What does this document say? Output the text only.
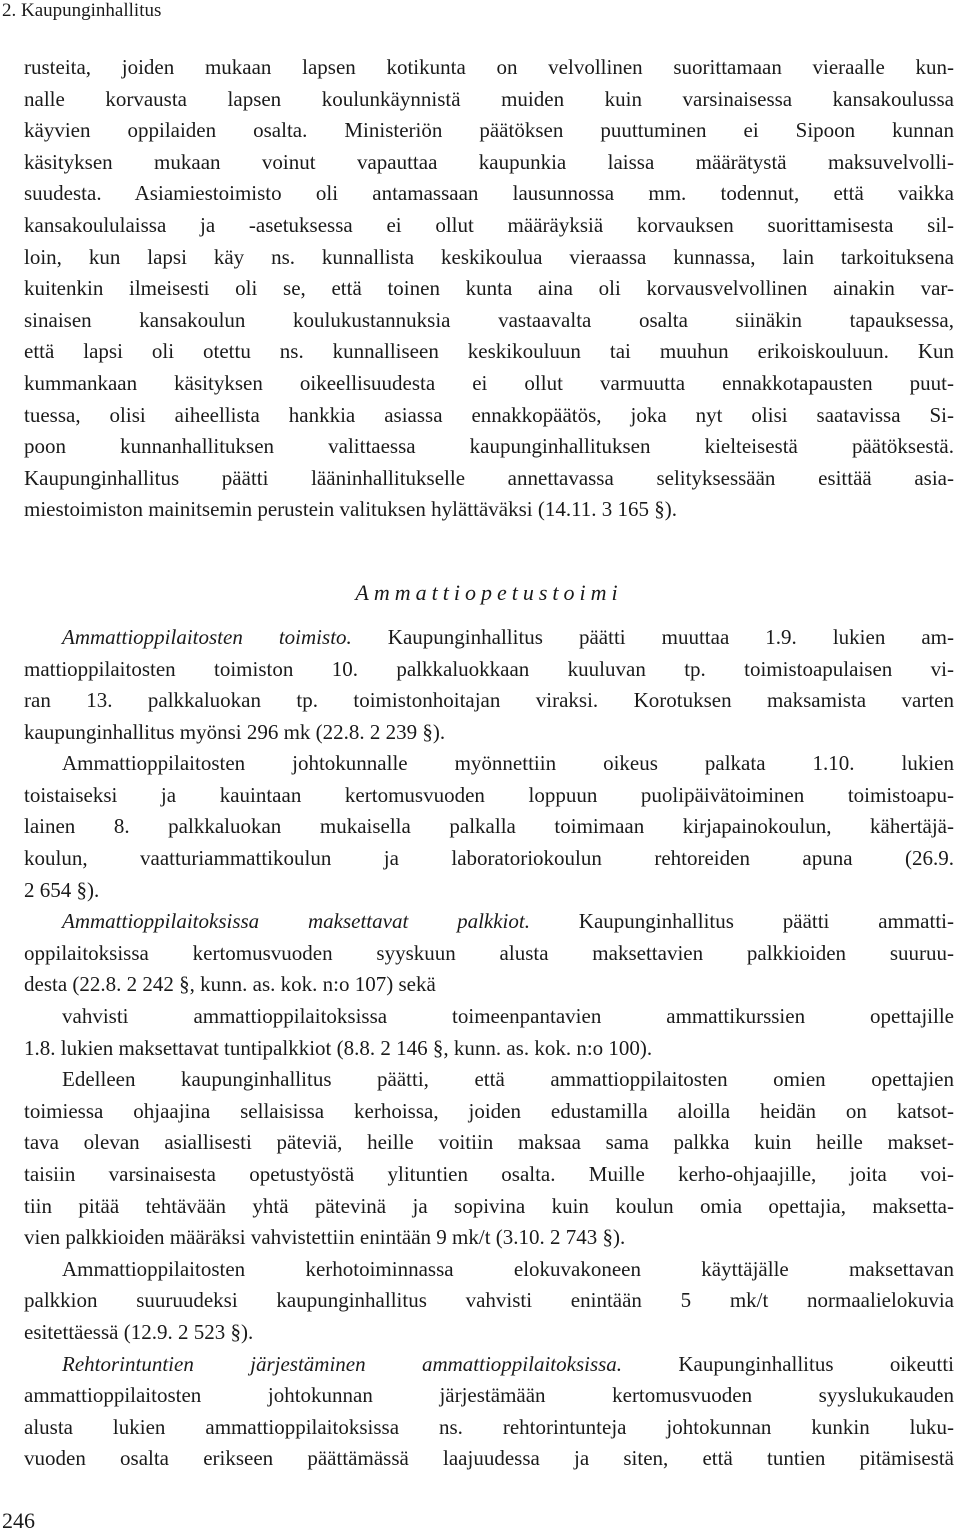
2. Kaupunginhallitus
rusteita, joiden mukaan lapsen kotikunta on velvollinen suorittamaan vieraalle kun-
nalle korvausta lapsen koulunkäynnistä muiden kuin varsinaisessa kansakoulussa
käyvien oppilaiden osalta. Ministeriön päätöksen puuttuminen ei Sipoon kunnan
käsityksen mukaan voinut vapauttaa kaupunkia laissa määrätystä maksuvelvolli-
suudesta. Asiamiestoimisto oli antamassaan lausunnossa mm. todennut, että vaikka
kansakoululaissa ja -asetuksessa ei ollut määräyksiä korvauksen suorittamisesta sil-
loin, kun lapsi käy ns. kunnallista keskikoulua vieraassa kunnassa, lain tarkoituksena
kuitenkin ilmeisesti oli se, että toinen kunta aina oli korvausvelvollinen ainakin var-
sinaisen kansakoulun koulukustannuksia vastaavalta osalta siinäkin tapauksessa,
että lapsi oli otettu ns. kunnalliseen keskikouluun tai muuhun erikoiskouluun. Kun
kummankaan käsityksen oikeellisuudesta ei ollut varmuutta ennakkotapausten puut-
tuessa, olisi aiheellista hankkia asiassa ennakkopäätös, joka nyt olisi saatavissa Si-
poon kunnanhallituksen valittaessa kaupunginhallituksen kielteisestä päätöksestä.
Kaupunginhallitus päätti lääninhallitukselle annettavassa selityksessään esittää asia-
miestoimiston mainitsemin perustein valituksen hylättäväksi (14.11. 3 165 §).
Ammattiopetustoimi
Ammattioppilaitosten toimisto. Kaupunginhallitus päätti muuttaa 1.9. lukien am-
mattioppilaitosten toimiston 10. palkkaluokkaan kuuluvan tp. toimistoapulaisen vi-
ran 13. palkkaluokan tp. toimistonhoitajan viraksi. Korotuksen maksamista varten
kaupunginhallitus myönsi 296 mk (22.8. 2 239 §).
Ammattioppilaitosten johtokunnalle myönnettiin oikeus palkata 1.10. lukien
toistaiseksi ja kauintaan kertomusvuoden loppuun puolipäivätoiminen toimistoapu-
lainen 8. palkkaluokan mukaisella palkalla toimimaan kirjapainokoulun, kähertäjä-
koulun, vaatturiammattikoulun ja laboratoriokoulun rehtoreiden apuna (26.9.
2 654 §).
Ammattioppilaitoksissa maksettavat palkkiot. Kaupunginhallitus päätti ammatti-
oppilaitoksissa kertomusvuoden syyskuun alusta maksettavien palkkioiden suuruu-
desta (22.8. 2 242 §, kunn. as. kok. n:o 107) sekä
vahvisti ammattioppilaitoksissa toimeenpantavien ammattikurssien opettajille
1.8. lukien maksettavat tuntipalkkiot (8.8. 2 146 §, kunn. as. kok. n:o 100).
Edelleen kaupunginhallitus päätti, että ammattioppilaitosten omien opettajien
toimiessa ohjaajina sellaisissa kerhoissa, joiden edustamilla aloilla heidän on katsot-
tava olevan asiallisesti päteviä, heille voitiin maksaa sama palkka kuin heille makset-
taisiin varsinaisesta opetustyöstä ylituntien osalta. Muille kerho-ohjaajille, joita voi-
tiin pitää tehtävään yhtä pätevinä ja sopivina kuin koulun omia opettajia, maksetta-
vien palkkioiden määräksi vahvistettiin enintään 9 mk/t (3.10. 2 743 §).
Ammattioppilaitosten kerhotoiminnassa elokuvakoneen käyttäjälle maksettavan
palkkion suuruudeksi kaupunginhallitus vahvisti enintään 5 mk/t normaalielokuvia
esitettäessä (12.9. 2 523 §).
Rehtorintuntien järjestäminen ammattioppilaitoksissa. Kaupunginhallitus oikeutti
ammattioppilaitosten johtokunnan järjestämään kertomusvuoden syyslukukauden
alusta lukien ammattioppilaitoksissa ns. rehtorintunteja johtokunnan kunkin luku-
vuoden osalta erikseen päättämässä laajuudessa ja siten, että tuntien pitämisestä
246
